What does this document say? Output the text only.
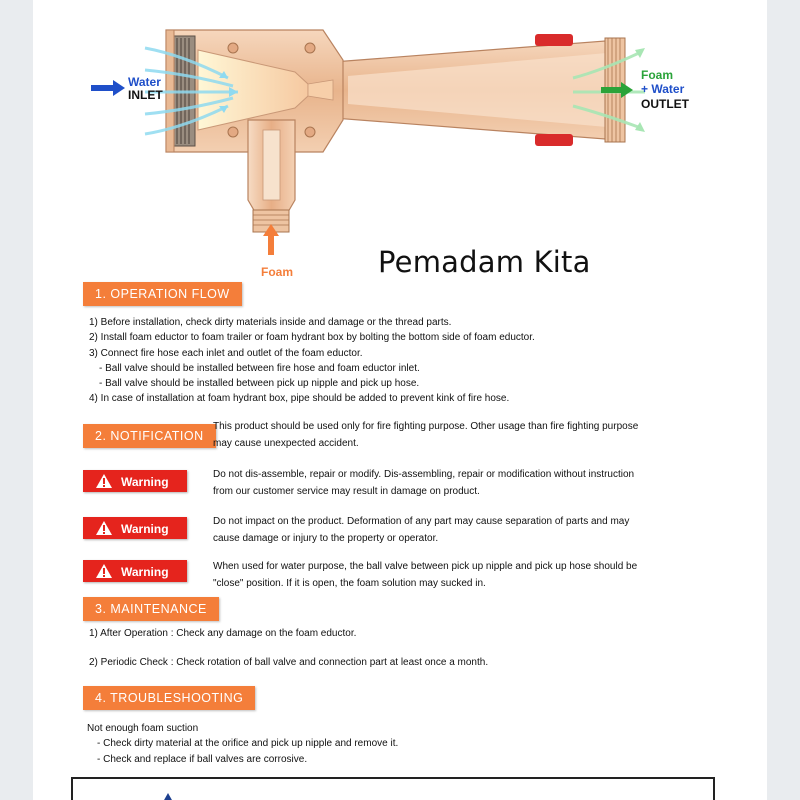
Water
INLET
Foam
+ Water
OUTLET
Foam	Pemadam Kita
1. OPERATION FLOW
1) Before installation, check dirty materials inside and damage or the thread parts.
2) Install foam eductor to foam trailer or foam hydrant box by bolting the bottom side of foam eductor.
3) Connect fire hose each inlet and outlet of the foam eductor.
- Ball valve should be installed between fire hose and foam eductor inlet.
- Ball valve should be installed between pick up nipple and pick up hose.
4) In case of installation at foam hydrant box, pipe should be added to prevent kink of fire hose.
2. NOTIFICATION
This product should be used only for fire fighting purpose. Other usage than fire fighting purpose may cause unexpected accident.
Warning
Do not dis-assemble, repair or modify. Dis-assembling, repair or modification without instruction from our customer service may result in damage on product.
Warning
Do not impact on the product. Deformation of any part may cause separation of parts and may cause damage or injury to the property or operator.
Warning	When used for water purpose, the ball valve between pick up nipple and pick up hose should be "close" position. If it is open, the foam solution may sucked in.
3. MAINTENANCE
1) After Operation : Check any damage on the foam eductor.
2) Periodic Check : Check rotation of ball valve and connection part at least once a month.
4. TROUBLESHOOTING
Not enough foam suction
- Check dirty material at the orifice and pick up nipple and remove it.
- Check and replace if ball valves are corrosive.
